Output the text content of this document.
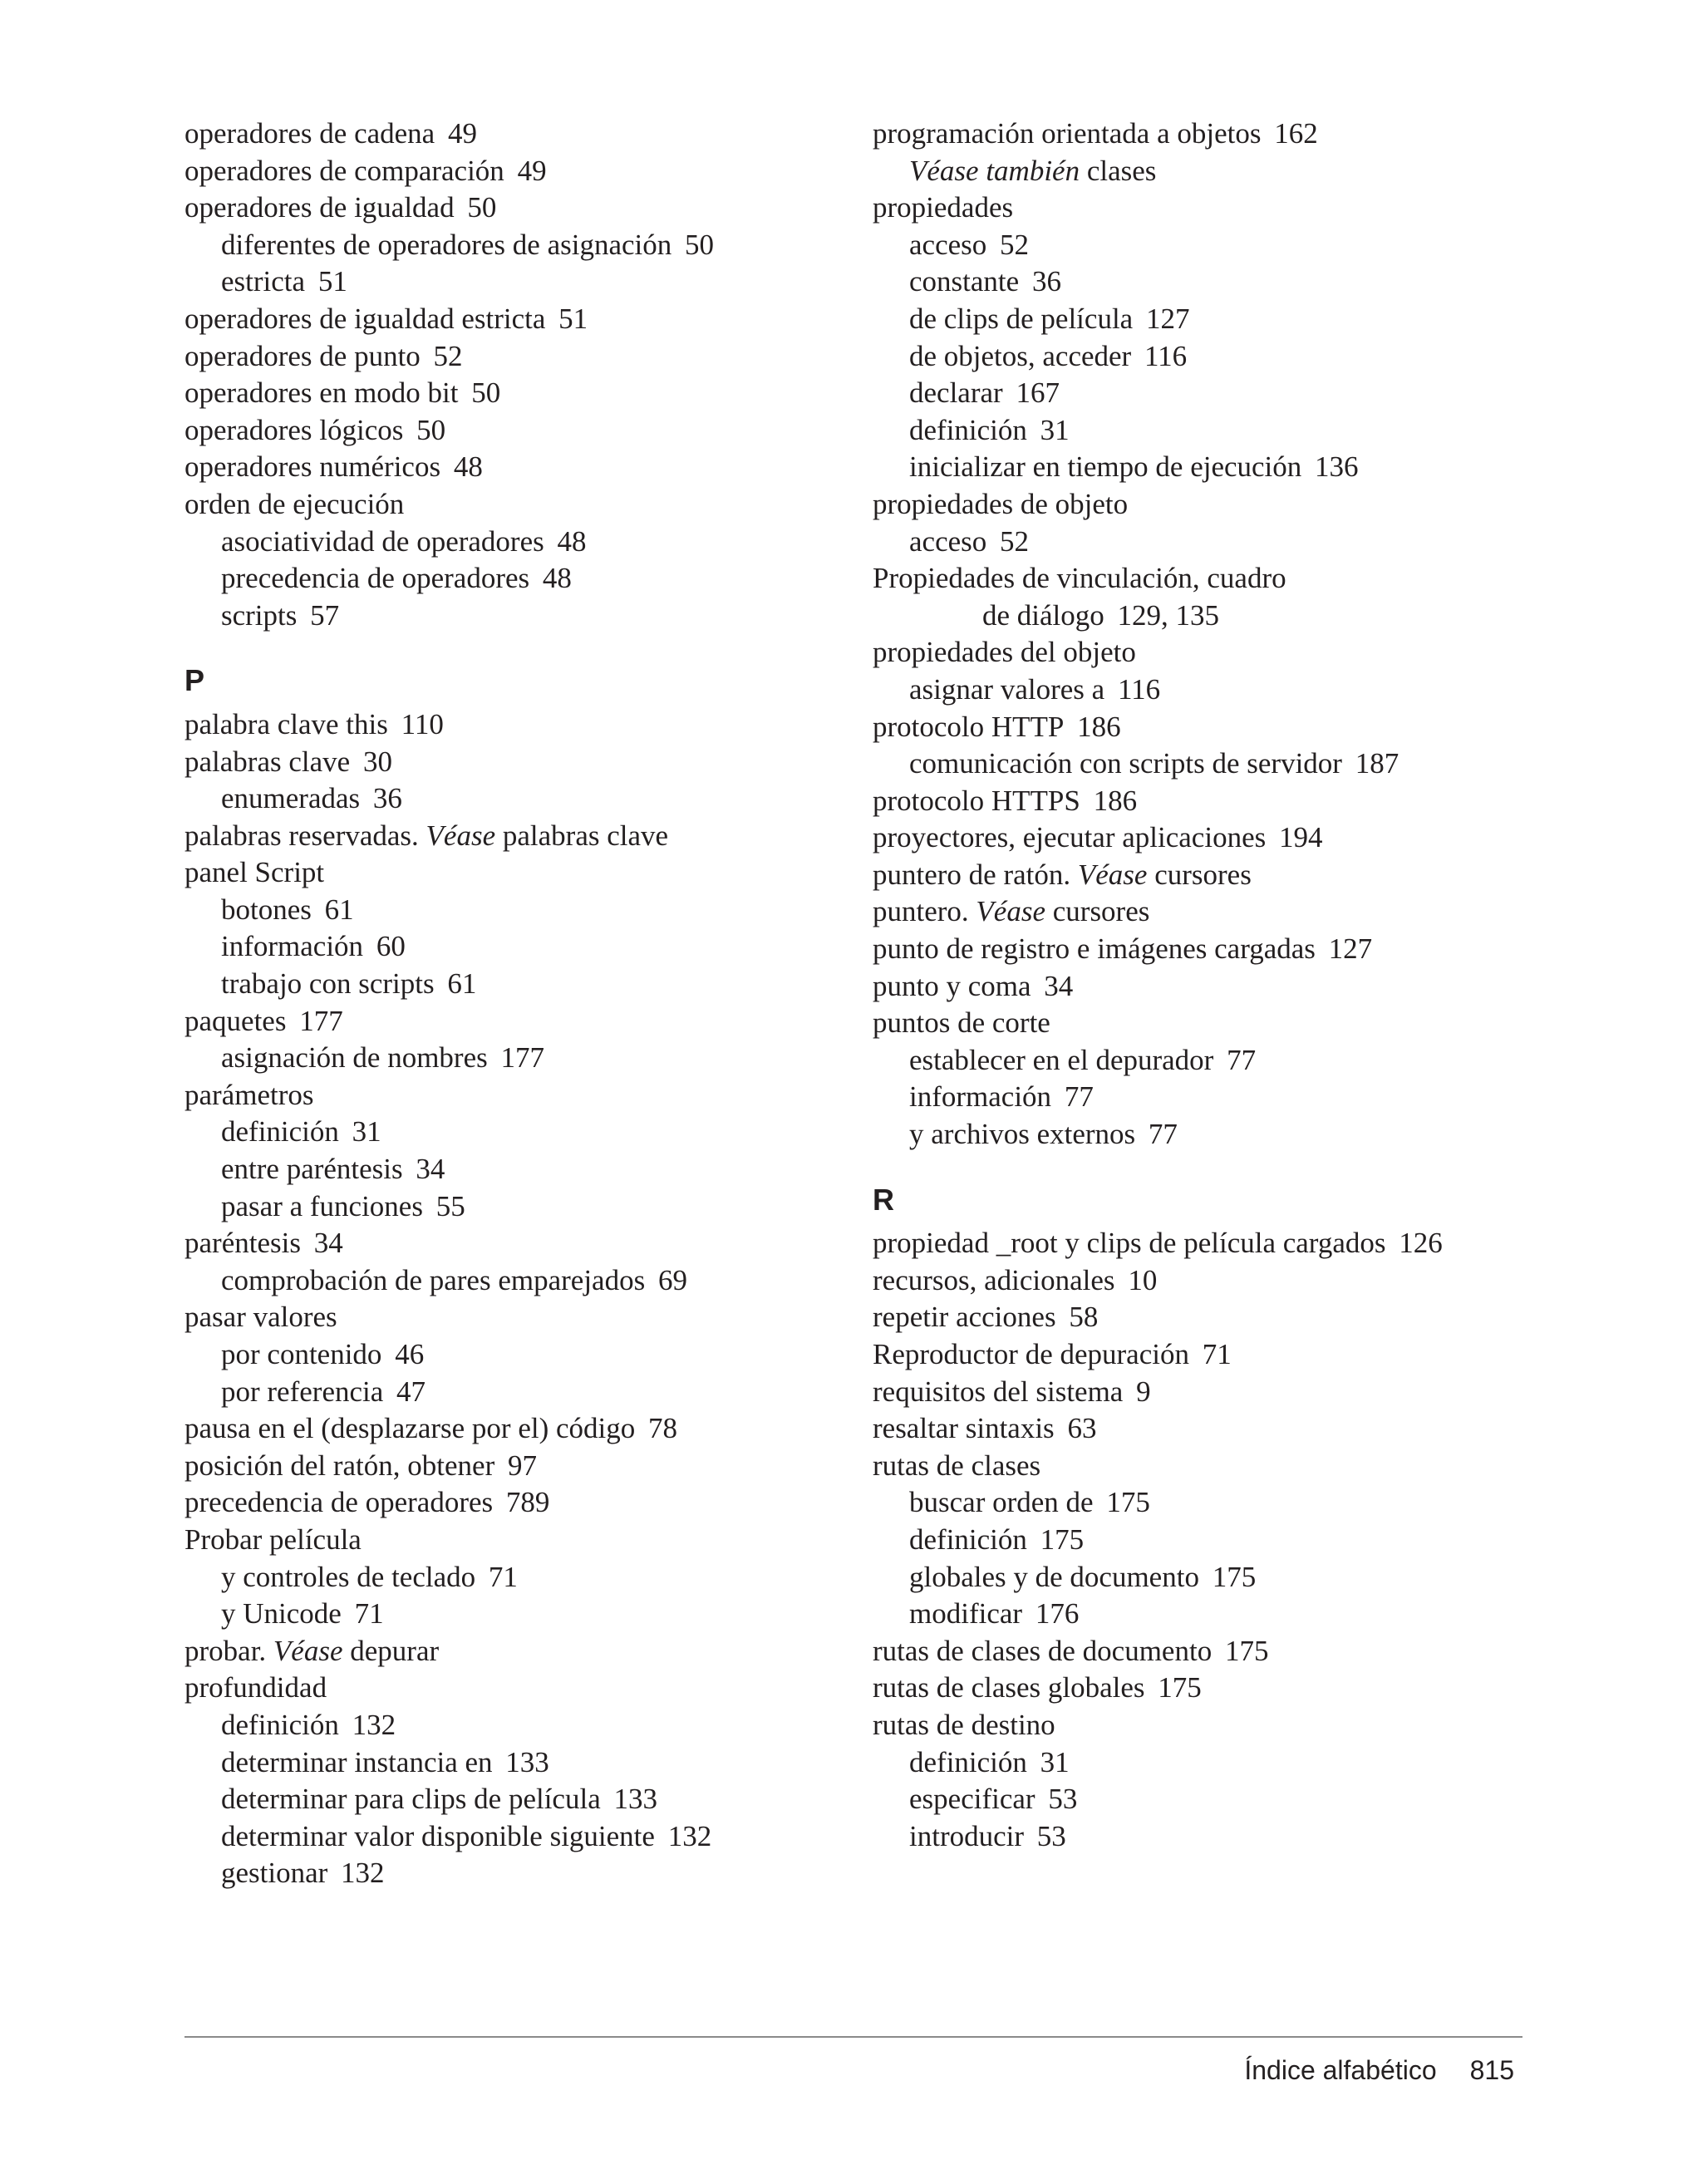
operadores de cadena 49
operadores de comparación 49
operadores de igualdad 50
diferentes de operadores de asignación 50
estricta 51
operadores de igualdad estricta 51
operadores de punto 52
operadores en modo bit 50
operadores lógicos 50
operadores numéricos 48
orden de ejecución
asociatividad de operadores 48
precedencia de operadores 48
scripts 57
P
palabra clave this 110
palabras clave 30
enumeradas 36
palabras reservadas. Véase palabras clave
panel Script
botones 61
información 60
trabajo con scripts 61
paquetes 177
asignación de nombres 177
parámetros
definición 31
entre paréntesis 34
pasar a funciones 55
paréntesis 34
comprobación de pares emparejados 69
pasar valores
por contenido 46
por referencia 47
pausa en el (desplazarse por el) código 78
posición del ratón, obtener 97
precedencia de operadores 789
Probar película
y controles de teclado 71
y Unicode 71
probar. Véase depurar
profundidad
definición 132
determinar instancia en 133
determinar para clips de película 133
determinar valor disponible siguiente 132
gestionar 132
programación orientada a objetos 162
Véase también clases
propiedades
acceso 52
constante 36
de clips de película 127
de objetos, acceder 116
declarar 167
definición 31
inicializar en tiempo de ejecución 136
propiedades de objeto
acceso 52
Propiedades de vinculación, cuadro
de diálogo 129, 135
propiedades del objeto
asignar valores a 116
protocolo HTTP 186
comunicación con scripts de servidor 187
protocolo HTTPS 186
proyectores, ejecutar aplicaciones 194
puntero de ratón. Véase cursores
puntero. Véase cursores
punto de registro e imágenes cargadas 127
punto y coma 34
puntos de corte
establecer en el depurador 77
información 77
y archivos externos 77
R
propiedad _root y clips de película cargados 126
recursos, adicionales 10
repetir acciones 58
Reproductor de depuración 71
requisitos del sistema 9
resaltar sintaxis 63
rutas de clases
buscar orden de 175
definición 175
globales y de documento 175
modificar 176
rutas de clases de documento 175
rutas de clases globales 175
rutas de destino
definición 31
especificar 53
introducir 53
Índice alfabético 815
